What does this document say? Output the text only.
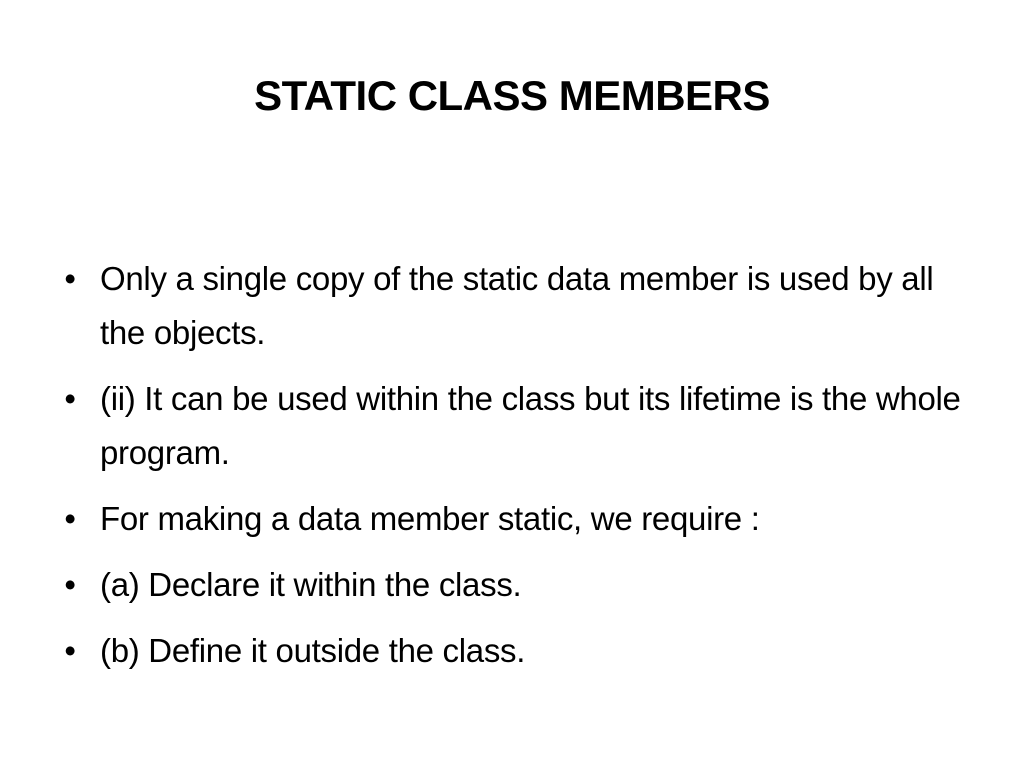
STATIC CLASS MEMBERS
• Only a single copy of the static data member is used by all the objects.
• (ii) It can be used within the class but its lifetime is the whole program.
• For making a data member static, we require :
• (a) Declare it within the class.
• (b) Define it outside the class.
